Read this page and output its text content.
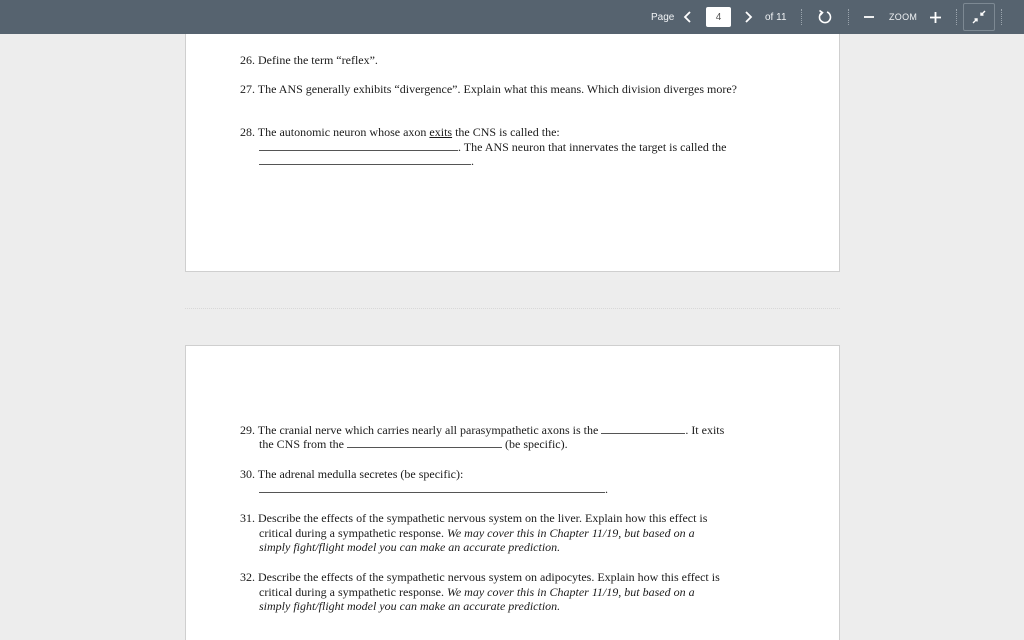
Page	4	of 11	ZOOM
26. Define the term “reflex”.
27. The ANS generally exhibits “divergence”. Explain what this means. Which division diverges more?
28. The autonomic neuron whose axon exits the CNS is called the:
. The ANS neuron that innervates the target is called the
.
29. The cranial nerve which carries nearly all parasympathetic axons is the	. It exits
the CNS from the	(be specific).
30. The adrenal medulla secretes (be specific):
.
31. Describe the effects of the sympathetic nervous system on the liver. Explain how this effect is
critical during a sympathetic response. We may cover this in Chapter 11/19, but based on a
simply fight/flight model you can make an accurate prediction.
32. Describe the effects of the sympathetic nervous system on adipocytes. Explain how this effect is
critical during a sympathetic response. We may cover this in Chapter 11/19, but based on a
simply fight/flight model you can make an accurate prediction.
